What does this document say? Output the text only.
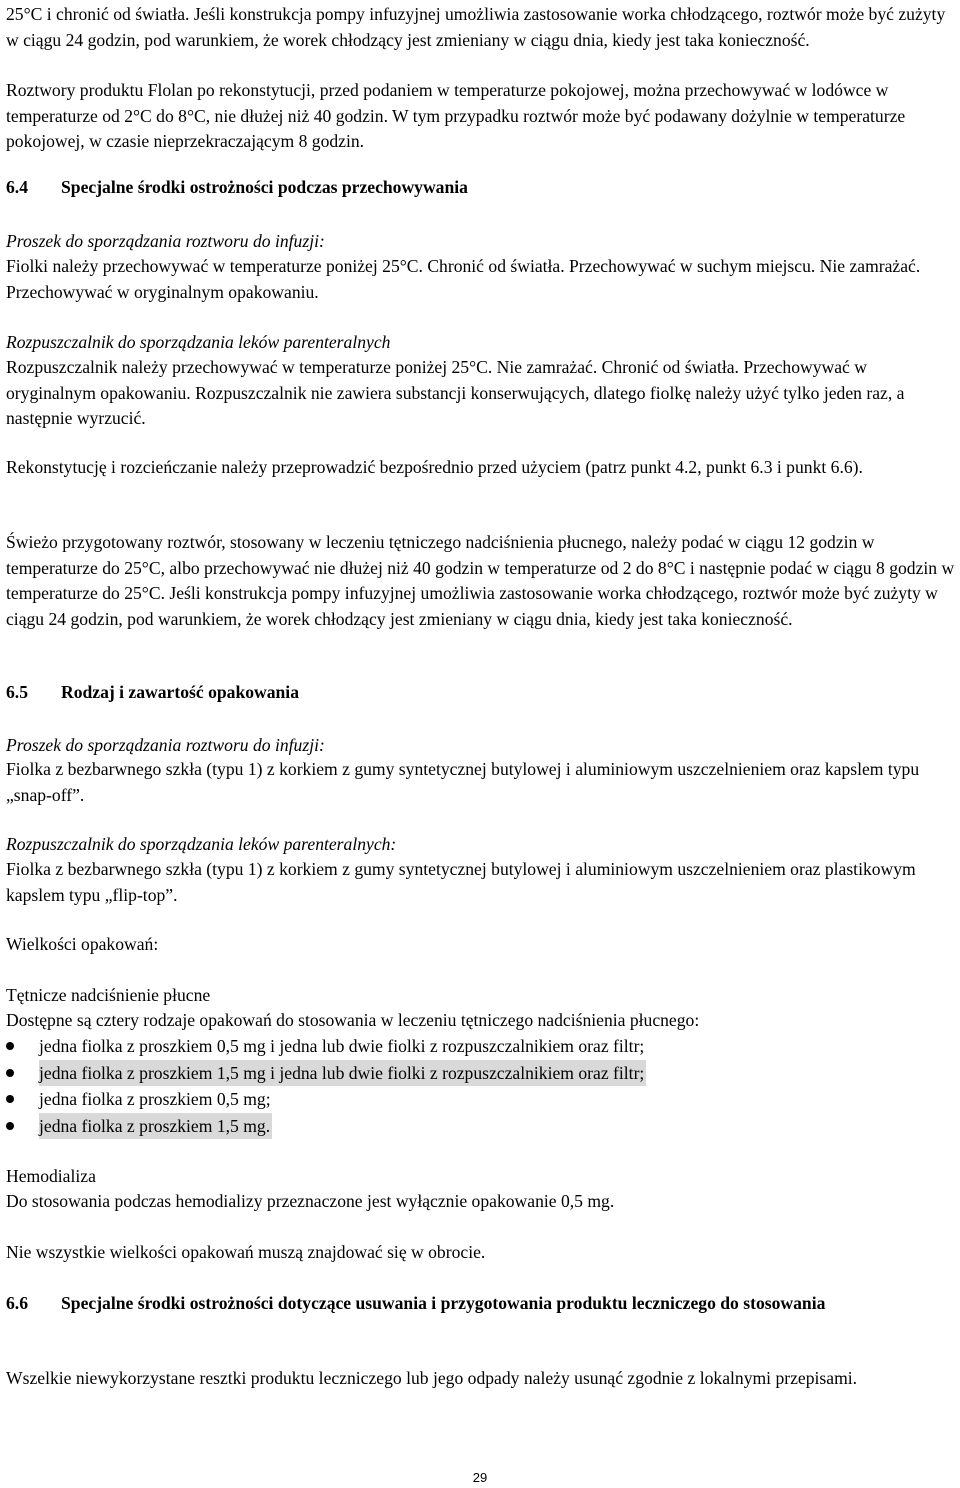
25°C i chronić od światła. Jeśli konstrukcja pompy infuzyjnej umożliwia zastosowanie worka chłodzącego, roztwór może być zużyty w ciągu 24 godzin, pod warunkiem, że worek chłodzący jest zmieniany w ciągu dnia, kiedy jest taka konieczność.

Roztwory produktu Flolan po rekonstytucji, przed podaniem w temperaturze pokojowej, można przechowywać w lodówce w temperaturze od 2°C do 8°C, nie dłużej niż 40 godzin. W tym przypadku roztwór może być podawany dożylnie w temperaturze pokojowej, w czasie nieprzekraczającym 8 godzin.

6.4 Specjalne środki ostrożności podczas przechowywania

Proszek do sporządzania roztworu do infuzji:

Fiolki należy przechowywać w temperaturze poniżej 25°C. Chronić od światła. Przechowywać w suchym miejscu. Nie zamrażać. Przechowywać w oryginalnym opakowaniu.

Rozpuszczalnik do sporządzania leków parenteralnych

Rozpuszczalnik należy przechowywać w temperaturze poniżej 25°C. Nie zamrażać. Chronić od światła. Przechowywać w oryginalnym opakowaniu. Rozpuszczalnik nie zawiera substancji konserwujących, dlatego fiolkę należy użyć tylko jeden raz, a następnie wyrzucić.

Rekonstytucję i rozcieńczanie należy przeprowadzić bezpośrednio przed użyciem (patrz punkt 4.2, punkt 6.3 i punkt 6.6).

Świeżo przygotowany roztwór, stosowany w leczeniu tętniczego nadciśnienia płucnego, należy podać w ciągu 12 godzin w temperaturze do 25°C, albo przechowywać nie dłużej niż 40 godzin w temperaturze od 2 do 8°C i następnie podać w ciągu 8 godzin w temperaturze do 25°C. Jeśli konstrukcja pompy infuzyjnej umożliwia zastosowanie worka chłodzącego, roztwór może być zużyty w ciągu 24 godzin, pod warunkiem, że worek chłodzący jest zmieniany w ciągu dnia, kiedy jest taka konieczność.

6.5 Rodzaj i zawartość opakowania

Proszek do sporządzania roztworu do infuzji:

Fiolka z bezbarwnego szkła (typu 1) z korkiem z gumy syntetycznej butylowej i aluminiowym uszczelnieniem oraz kapslem typu „snap-off”.

Rozpuszczalnik do sporządzania leków parenteralnych:

Fiolka z bezbarwnego szkła (typu 1) z korkiem z gumy syntetycznej butylowej i aluminiowym uszczelnieniem oraz plastikowym kapslem typu „flip-top”.

Wielkości opakowań:

Tętnicze nadciśnienie płucne

Dostępne są cztery rodzaje opakowań do stosowania w leczeniu tętniczego nadciśnienia płucnego:

jedna fiolka z proszkiem 0,5 mg i jedna lub dwie fiolki z rozpuszczalnikiem oraz filtr;
jedna fiolka z proszkiem 1,5 mg i jedna lub dwie fiolki z rozpuszczalnikiem oraz filtr;
jedna fiolka z proszkiem 0,5 mg;
jedna fiolka z proszkiem 1,5 mg.

Hemodializa

Do stosowania podczas hemodializy przeznaczone jest wyłącznie opakowanie 0,5 mg.

Nie wszystkie wielkości opakowań muszą znajdować się w obrocie.

6.6	Specjalne środki ostrożności dotyczące usuwania i przygotowania produktu leczniczego do stosowania

Wszelkie niewykorzystane resztki produktu leczniczego lub jego odpady należy usunąć zgodnie z lokalnymi przepisami.

29
